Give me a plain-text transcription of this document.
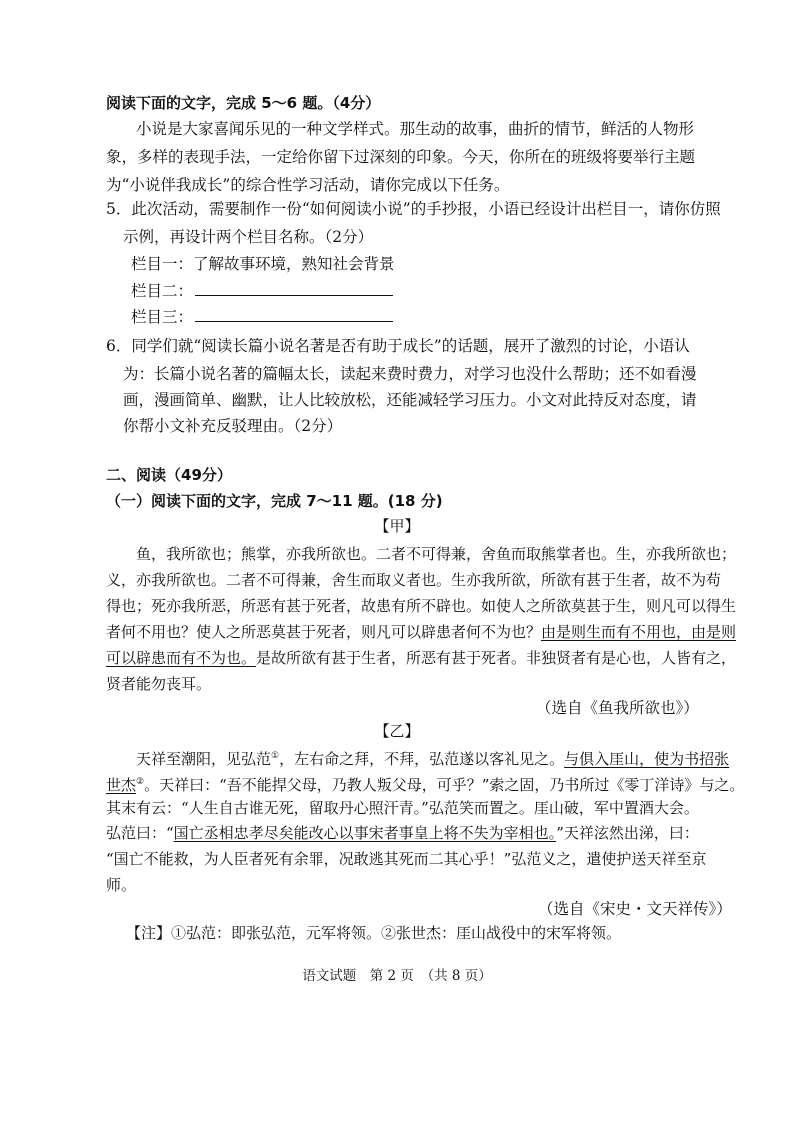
阅读下面的文字，完成 5～6 题。（4分）
小说是大家喜闻乐见的一种文学样式。那生动的故事，曲折的情节，鲜活的人物形
象，多样的表现手法，一定给你留下过深刻的印象。今天，你所在的班级将要举行主题
为“小说伴我成长”的综合性学习活动，请你完成以下任务。
5．此次活动，需要制作一份“如何阅读小说”的手抄报，小语已经设计出栏目一，请你仿照
示例，再设计两个栏目名称。（2分）
栏目一：了解故事环境，熟知社会背景
栏目二：
栏目三：
6．同学们就“阅读长篇小说名著是否有助于成长”的话题，展开了激烈的讨论，小语认
为：长篇小说名著的篇幅太长，读起来费时费力，对学习也没什么帮助；还不如看漫
画，漫画简单、幽默，让人比较放松，还能减轻学习压力。小文对此持反对态度，请
你帮小文补充反驳理由。（2分）
二、阅读（49分）
（一）阅读下面的文字，完成 7～11 题。(18 分)
【甲】
鱼，我所欲也；熊掌，亦我所欲也。二者不可得兼，舍鱼而取熊掌者也。生，亦我所欲也；
义，亦我所欲也。二者不可得兼，舍生而取义者也。生亦我所欲，所欲有甚于生者，故不为苟
得也；死亦我所恶，所恶有甚于死者，故患有所不辟也。如使人之所欲莫甚于生，则凡可以得生
者何不用也？使人之所恶莫甚于死者，则凡可以辟患者何不为也？由是则生而有不用也，由是则
可以辟患而有不为也。是故所欲有甚于生者，所恶有甚于死者。非独贤者有是心也，人皆有之，
贤者能勿丧耳。
（选自《鱼我所欲也》）
【乙】
天祥至潮阳，见弘范①，左右命之拜，不拜，弘范遂以客礼见之。与俱入厓山，使为书招张
世杰②。天祥曰：“吾不能捍父母，乃教人叛父母，可乎？”索之固，乃书所过《零丁洋诗》与之。
其末有云：“人生自古谁无死，留取丹心照汗青。”弘范笑而置之。厓山破，军中置酒大会。
弘范曰：“国亡丞相忠孝尽矣能改心以事宋者事皇上将不失为宰相也。”天祥泫然出涕，曰：
“国亡不能救，为人臣者死有余罪，况敢逃其死而二其心乎！”弘范义之，遣使护送天祥至京
师。
（选自《宋史・文天祥传》）
【注】①弘范：即张弘范，元军将领。②张世杰：厓山战役中的宋军将领。
语文试题　第 2 页　（共 8 页）
